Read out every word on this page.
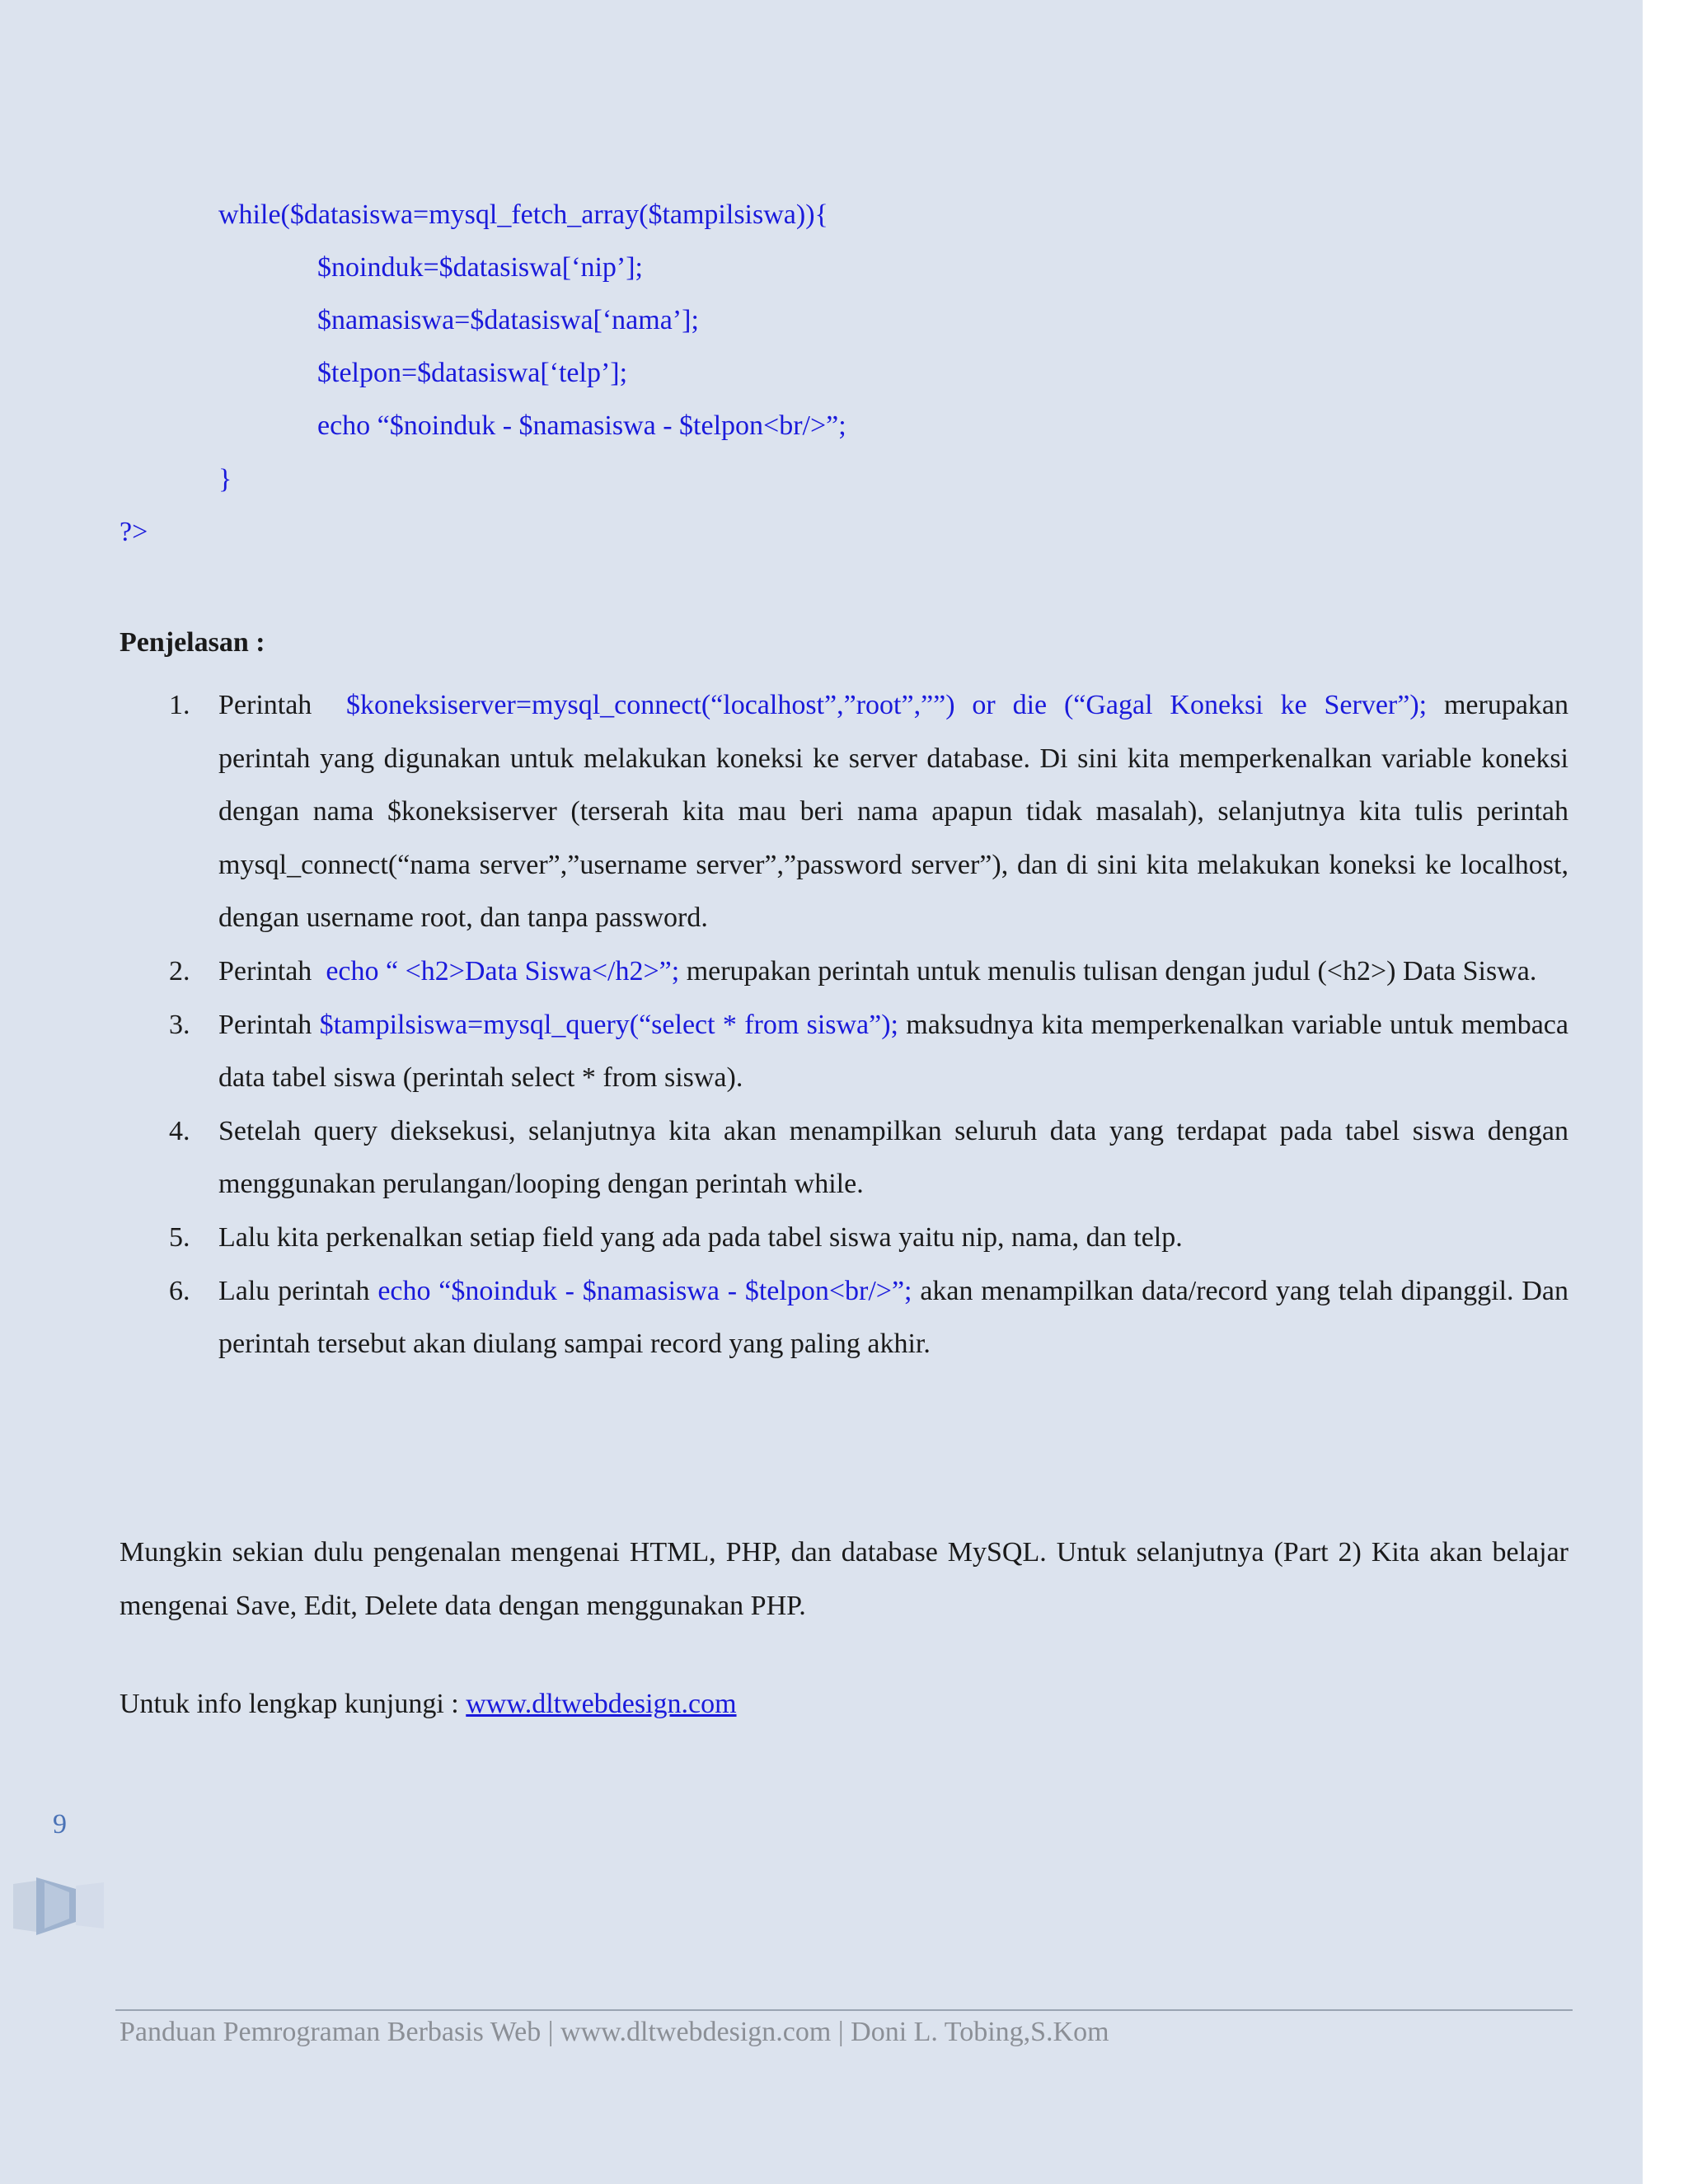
while($datasiswa=mysql_fetch_array($tampilsiswa)){
$noinduk=$datasiswa[‘nip’];
$namasiswa=$datasiswa[‘nama’];
$telpon=$datasiswa[‘telp’];
echo “$noinduk - $namasiswa - $telpon<br/>”;
}
?>
Penjelasan :
1. Perintah  $koneksiserver=mysql_connect(“localhost”,”root”,””) or die (“Gagal Koneksi ke Server”); merupakan perintah yang digunakan untuk melakukan koneksi ke server database. Di sini kita memperkenalkan variable koneksi dengan nama $koneksiserver (terserah kita mau beri nama apapun tidak masalah), selanjutnya kita tulis perintah mysql_connect(“nama server”,”username server”,”password server”), dan di sini kita melakukan koneksi ke localhost, dengan username root, dan tanpa password.
2. Perintah  echo “ <h2>Data Siswa</h2>”; merupakan perintah untuk menulis tulisan dengan judul (<h2>) Data Siswa.
3. Perintah $tampilsiswa=mysql_query(“select * from siswa”); maksudnya kita memperkenalkan variable untuk membaca data tabel siswa (perintah select * from siswa).
4. Setelah query dieksekusi, selanjutnya kita akan menampilkan seluruh data yang terdapat pada tabel siswa dengan menggunakan perulangan/looping dengan perintah while.
5. Lalu kita perkenalkan setiap field yang ada pada tabel siswa yaitu nip, nama, dan telp.
6. Lalu perintah echo “$noinduk - $namasiswa - $telpon<br/>”; akan menampilkan data/record yang telah dipanggil. Dan perintah tersebut akan diulang sampai record yang paling akhir.

Mungkin sekian dulu pengenalan mengenai HTML, PHP, dan database MySQL. Untuk selanjutnya (Part 2) Kita akan belajar mengenai Save, Edit, Delete data dengan menggunakan PHP.

Untuk info lengkap kunjungi : www.dltwebdesign.com

9
Panduan Pemrograman Berbasis Web | www.dltwebdesign.com | Doni L. Tobing,S.Kom
